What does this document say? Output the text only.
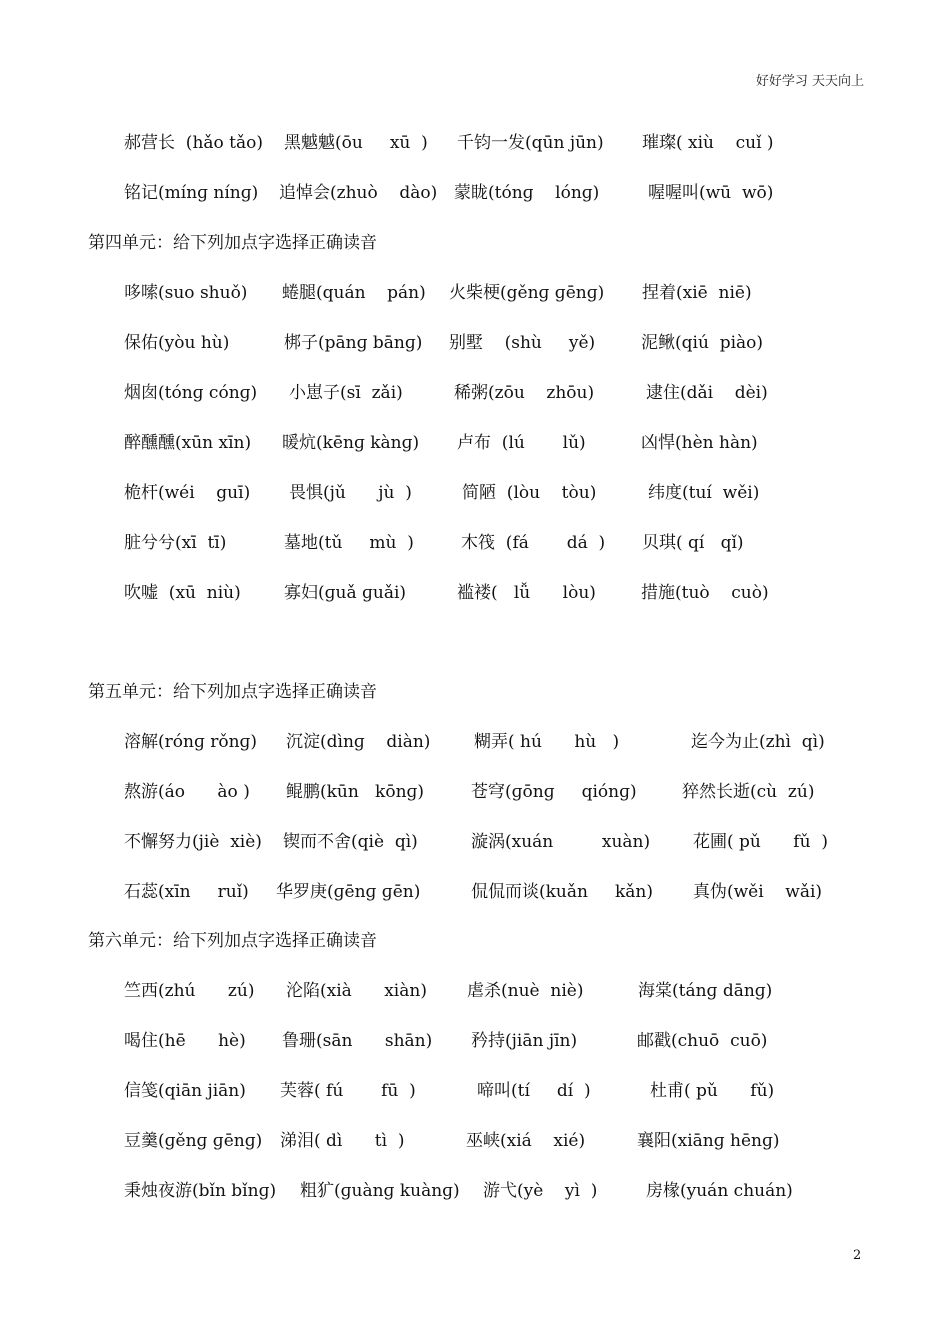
好好学习 天天向上
郝营长  (hǎo tǎo) 黑魆魆(ōu     xū  ) 千钧一发(qūn jūn) 璀璨( xiù    cuǐ )
铭记(mínɡ nínɡ) 追悼会(zhuò    dào) 蒙眬(tónɡ    lónɡ)	喔喔叫(wū  wō)
第四单元：给下列加点字选择正确读音
哆嗦(suo shuǒ) 蜷腿(quán    pán) 火柴梗(gěnɡ ɡēnɡ) 捏着(xiē  niē)
保佑(yòu hù)	梆子(pānɡ bānɡ) 别墅    (shù     yě)	泥鳅(qiú  piào)
烟囱(tónɡ cónɡ) 小崽子(sī  zǎi)	稀粥(zōu    zhōu)	逮住(dǎi    dèi)
醉醺醺(xūn xīn) 暖炕(kēnɡ kànɡ) 卢布  (lú       lǔ)	凶悍(hèn hàn)
桅杆(wéi    guī) 畏惧(jǔ      jù  )	简陋  (lòu    tòu)	纬度(tuí  wěi)
脏兮兮(xī  tī)	墓地(tǔ     mù  )	木筏  (fá       dá  ) 贝琪( qí   qǐ)
吹嘘  (xū  niù)	寡妇(ɡuǎ ɡuǎi)	褴褛(   lǚ      lòu)	措施(tuò    cuò)
第五单元：给下列加点字选择正确读音
溶解(rónɡ rǒnɡ) 沉淀(dìnɡ    diàn)	糊弄( hú      hù   )	迄今为止(zhì  qì)
熬游(áo      ào ) 鲲鹏(kūn   kōnɡ)	苍穹(ɡōnɡ     qiónɡ)	猝然长逝(cù  zú)
不懈努力(jiè  xiè) 锲而不舍(qiè  qì)	漩涡(xuán         xuàn)	花圃( pǔ      fǔ  )
石蕊(xīn     ruǐ) 华罗庚(ɡēnɡ ɡēn)	侃侃而谈(kuǎn     kǎn) 真伪(wěi    wǎi)
第六单元：给下列加点字选择正确读音
竺西(zhú      zú) 沦陷(xià      xiàn) 虐杀(nuè  niè)	海棠(tánɡ dānɡ)
喝住(hē      hè) 鲁珊(sān      shān) 矜持(jiān jīn)	邮戳(chuō  cuō)
信笺(qiān jiān) 芙蓉( fú       fū  )	啼叫(tí     dí  )	杜甫( pǔ      fǔ)
豆羹(ɡěnɡ ɡēnɡ) 涕泪( dì      tì  )	巫峡(xiá    xié)	襄阳(xiānɡ hēnɡ)
秉烛夜游(bǐn bǐnɡ) 粗犷(ɡuànɡ kuànɡ) 游弋(yè    yì  )	房椽(yuán chuán)
2
